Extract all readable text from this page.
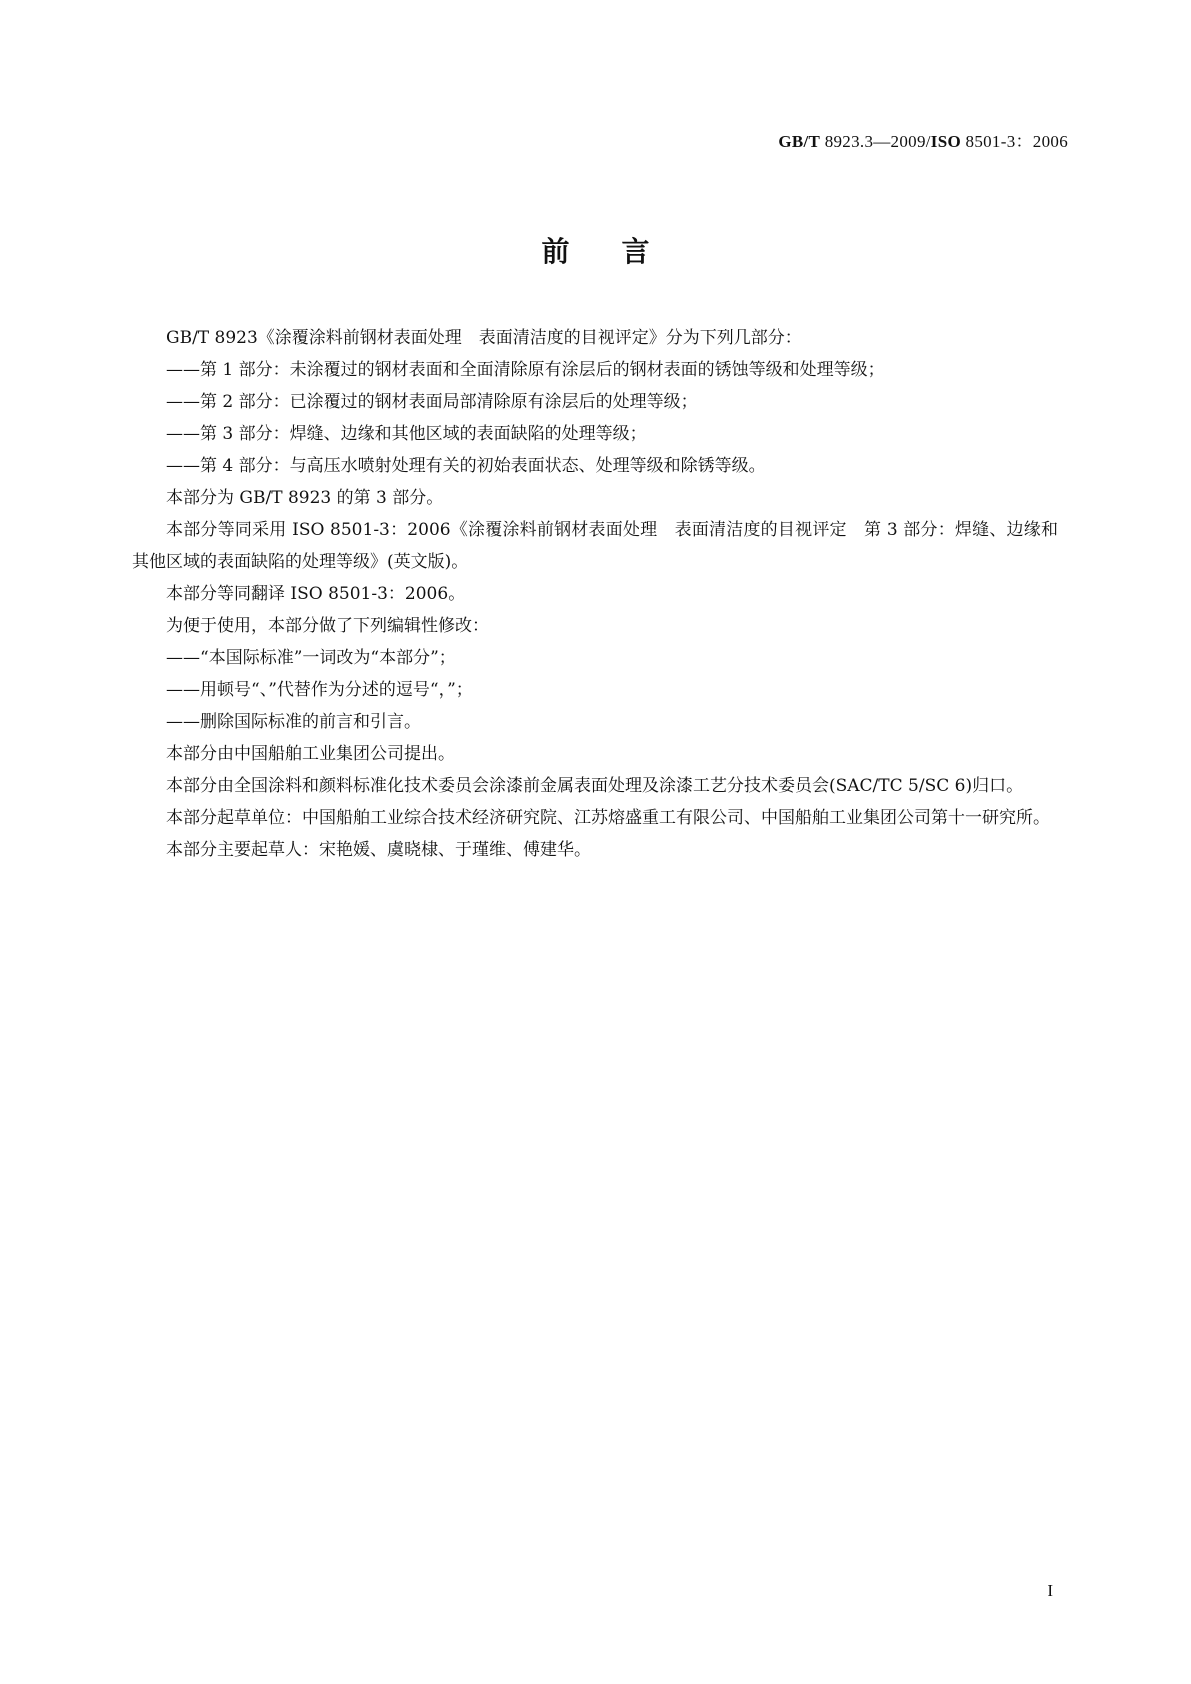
GB/T 8923.3—2009/ISO 8501-3：2006
前言

GB/T 8923《涂覆涂料前钢材表面处理　表面清洁度的目视评定》分为下列几部分：

——第 1 部分：未涂覆过的钢材表面和全面清除原有涂层后的钢材表面的锈蚀等级和处理等级；

——第 2 部分：已涂覆过的钢材表面局部清除原有涂层后的处理等级；

——第 3 部分：焊缝、边缘和其他区域的表面缺陷的处理等级；

——第 4 部分：与高压水喷射处理有关的初始表面状态、处理等级和除锈等级。

本部分为 GB/T 8923 的第 3 部分。

本部分等同采用 ISO 8501-3：2006《涂覆涂料前钢材表面处理　表面清洁度的目视评定　第 3 部分：焊缝、边缘和其他区域的表面缺陷的处理等级》(英文版)。

本部分等同翻译 ISO 8501-3：2006。

为便于使用，本部分做了下列编辑性修改：

——“本国际标准”一词改为“本部分”；

——用顿号“、”代替作为分述的逗号“，”；

——删除国际标准的前言和引言。

本部分由中国船舶工业集团公司提出。

本部分由全国涂料和颜料标准化技术委员会涂漆前金属表面处理及涂漆工艺分技术委员会(SAC/TC 5/SC 6)归口。

本部分起草单位：中国船舶工业综合技术经济研究院、江苏熔盛重工有限公司、中国船舶工业集团公司第十一研究所。

本部分主要起草人：宋艳媛、虞晓棣、于瑾维、傅建华。

I
